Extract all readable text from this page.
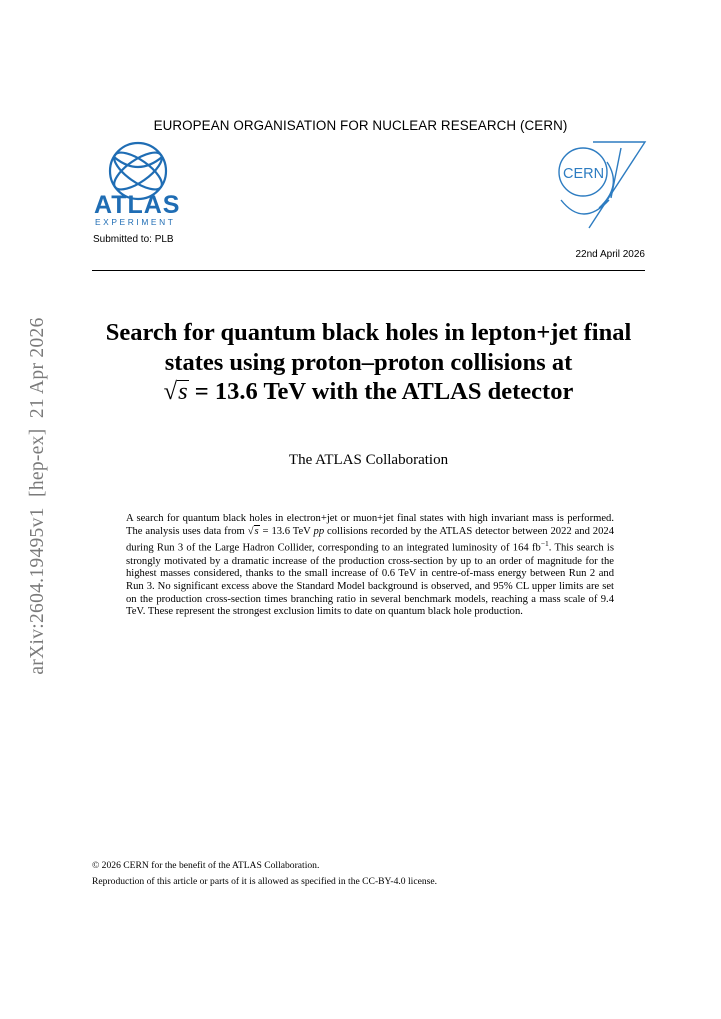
EUROPEAN ORGANISATION FOR NUCLEAR RESEARCH (CERN)
ATLAS
EXPERIMENT
Submitted to: PLB
CERN
22nd April 2026
arXiv:2604.19495v1  [hep-ex]  21 Apr 2026	Search for quantum black holes in lepton+jet final
states using proton–proton collisions at
√s = 13.6 TeV with the ATLAS detector
The ATLAS Collaboration
A search for quantum black holes in electron+jet or muon+jet final states with high invariant mass is performed. The analysis uses data from √s = 13.6 TeV pp collisions recorded by the ATLAS detector between 2022 and 2024 during Run 3 of the Large Hadron Collider, corresponding to an integrated luminosity of 164 $fb^{-1}$. This search is strongly motivated by a dramatic increase of the production cross-section by up to an order of magnitude for the highest masses considered, thanks to the small increase of 0.6 TeV in centre-of-mass energy between Run 2 and Run 3. No significant excess above the Standard Model background is observed, and 95% CL upper limits are set on the production cross-section times branching ratio in several benchmark models, reaching a mass scale of 9.4 TeV. These represent the strongest exclusion limits to date on quantum black hole production.
© 2026 CERN for the benefit of the ATLAS Collaboration.
Reproduction of this article or parts of it is allowed as specified in the CC-BY-4.0 license.
